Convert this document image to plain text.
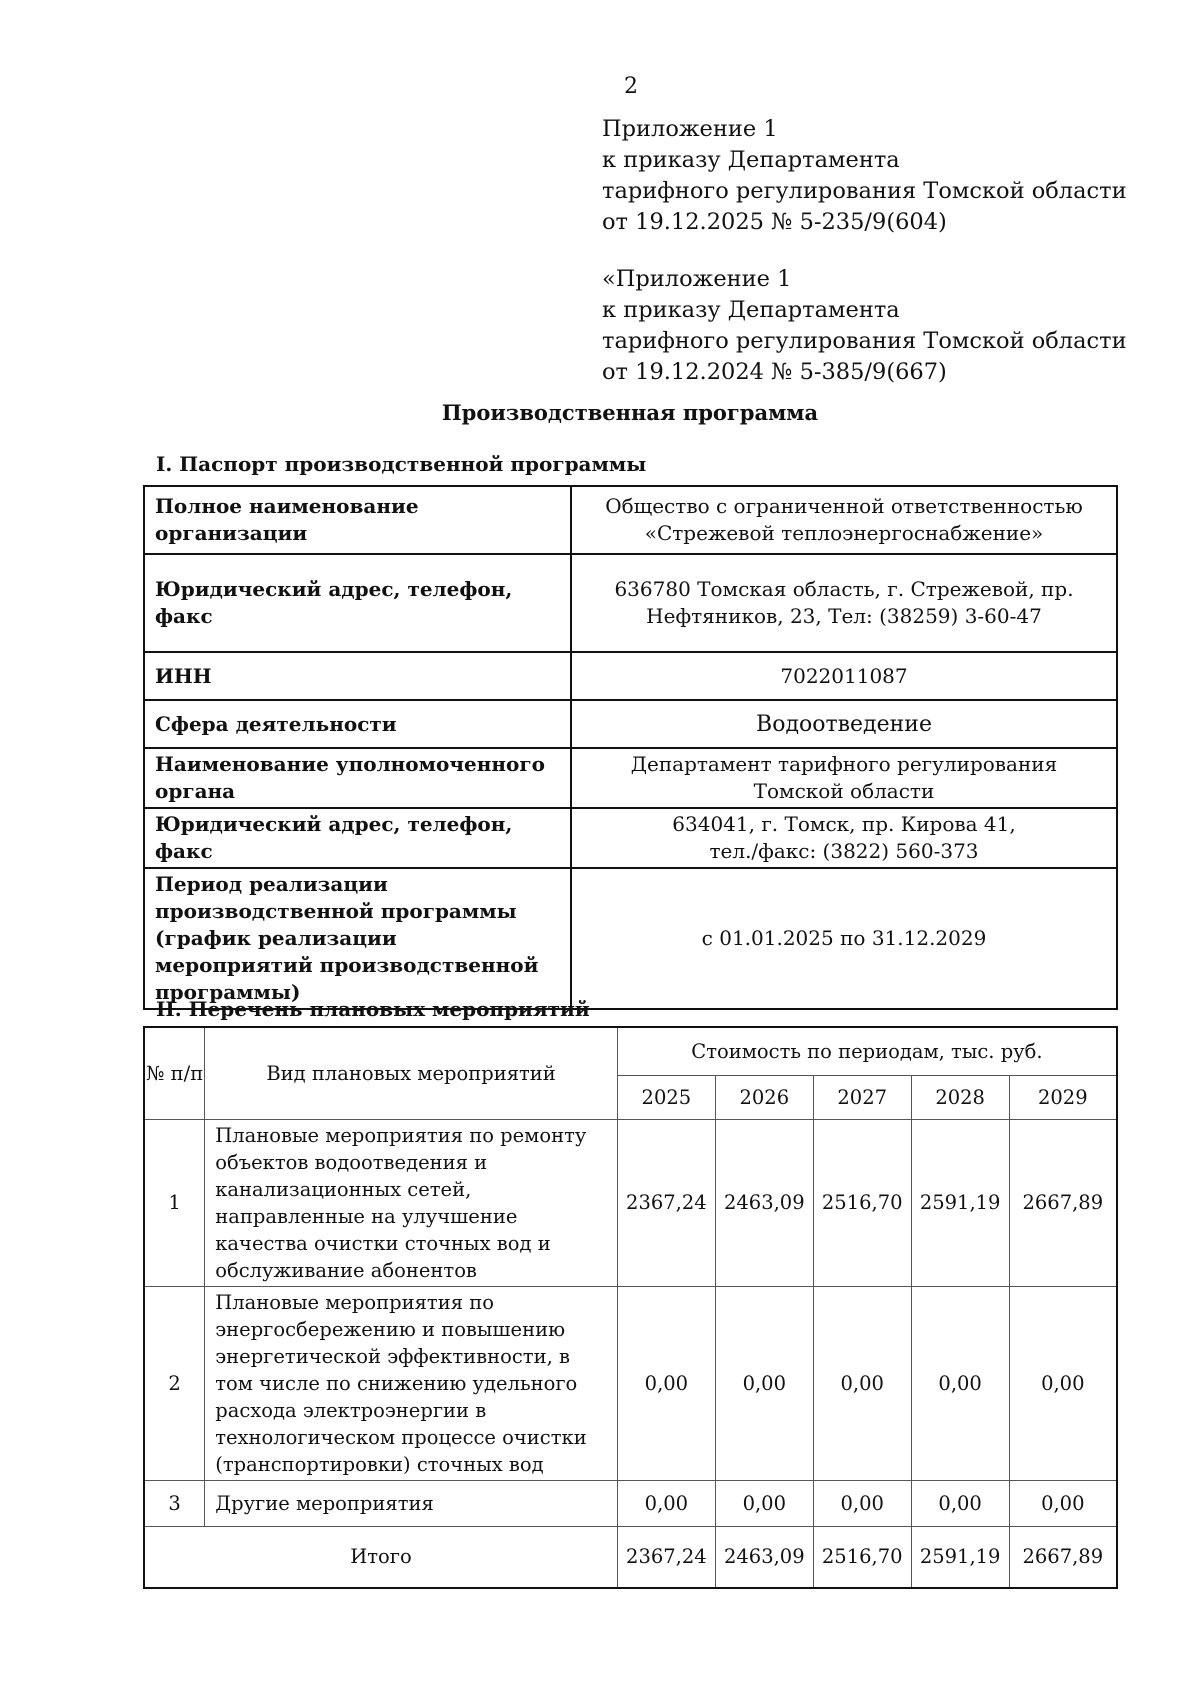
2
Приложение 1
к приказу Департамента
тарифного регулирования Томской области
от 19.12.2025 № 5-235/9(604)
«Приложение 1
к приказу Департамента
тарифного регулирования Томской области
от 19.12.2024 № 5-385/9(667)
Производственная программа
I. Паспорт производственной программы
Полное наименование организации	Общество с ограниченной ответственностью
«Стрежевой теплоэнергоснабжение»

Юридический адрес, телефон, факс	636780 Томская область, г. Стрежевой, пр.
Нефтяников, 23, Тел: (38259) 3-60-47

ИНН	7022011087

Сфера деятельности	Водоотведение

Наименование уполномоченного органа	Департамент тарифного регулирования
Томской области

Юридический адрес, телефон, факс	634041, г. Томск, пр. Кирова 41,
тел./факс: (3822) 560-373

Период реализации производственной программы (график реализации мероприятий производственной программы)	с 01.01.2025 по 31.12.2029
II. Перечень плановых мероприятий
№ п/п	Вид плановых мероприятий	Стоимость по периодам, тыс. руб.				
		2025	2026	2027	2028	2029
1	Плановые мероприятия по ремонту объектов водоотведения и канализационных сетей, направленные на улучшение качества очистки сточных вод и обслуживание абонентов	2367,24	2463,09	2516,70	2591,19	2667,89
2	Плановые мероприятия по энергосбережению и повышению энергетической эффективности, в том числе по снижению удельного расхода электроэнергии в технологическом процессе очистки (транспортировки) сточных вод	0,00	0,00	0,00	0,00	0,00
3	Другие мероприятия	0,00	0,00	0,00	0,00	0,00
Итого		2367,24	2463,09	2516,70	2591,19	2667,89
